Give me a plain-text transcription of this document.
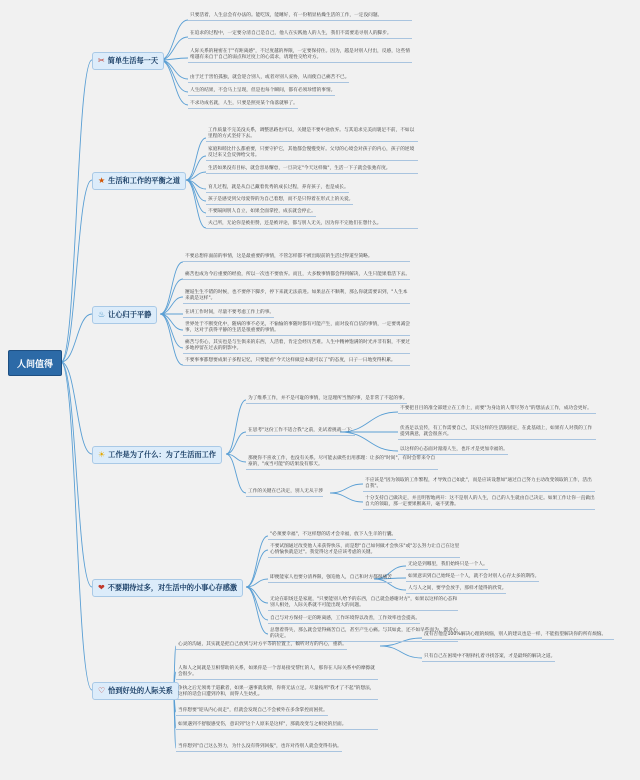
人间值得
✂ 简单生活每一天
只要活着，人生总会有办法的。能吃饭，能睡好，有一份稍显枯燥生活的工作，一定没问题。
在追求的过程中，一定要分清自己是自己，他人在实践他人的人生，我们不需要追寻别人的脚步。
人际关系的秘密在于"有距离感"，不过度越的界限，一定要保持住。因为，越是对别人付出，反感，这些情绪越有来自于自己的弱点和过度上的心需求，请理性交给对方。
由于过于害怕孤独，就会迎合别人，或者对别人妥协，从而使自己痛苦不已。
人生的结果，不会马上呈现，但是也每个瞬间，都有必须珍惜的事情。
不求功成名就，人生，只要是照亮某个角落就够了。
★ 生活和工作的平衡之道
工作质量不完美没关系，调整思路也可以，关键是不要中途放弃。与其追求完美而裹足不前，不如以里程的方式坚持下去。
家庭和睦比什么都重要，只要守护它，其他都会慢慢变好。父母的心境会对孩子的内心，孩子的逆境反过来又会反弹给父母。
生活如果没有目标，就会容易懈怠，一旦决定"今天这样做"，生活一下子就会张弛有度。
育儿过程，就是从自己藏着优秀的成长过程，养育孩子，也是成长。
孩子是感受到父母爱得的为自己着想，而不是只得着在形式上的关爱。
不要隔阂别人自立，如果全面掌控，成长就会停止。
夫己所，无论你是被拒赞，还是被评论，都与别人无关，因为你不完他们在想什么。
♨ 让心归于平静
不要总想你面前的事情，这是最重要的事情，不管怎样都不被出眼前的生活过得道至简略。
痛苦也成为今后重要的经验，所以一次也不要放弃。而且，大多数事情都会得到解决，人生只能果着活下去。
邂逅生生不错的时候，也不要停下脚步，停下来就无法前进。如果总在不顺利，那么你就需要识到，"人生本来就是这样"。
在讲工作时间，尽量不要考虑工作上的事。
世界处于不断变化中，随病的事不必见，不愉愉的事随时都有可能产生，面对没有自信的事情，一定要勇减尝事，这对于获得平静的生活是很重要的事情。
痛苦与伤心，其实也是与生俱来的东西，人活着，肯定会经历苦难。人生中精神饱满的时光并非有限，不要过多地停留在过去的阴影中。
不要事事都想要成果子多程记忆，只要能看"今天这样做是本就可以了"的态度，日子一日地变得积累。
☀ 工作是为了什么：为了生活而工作
为了维系工作，并不是可耻的事情，这是理所当然的事，是非常了不起的事。
在思考"这份工作不适合我"之前，先试着挑战一下：
那便你不喜欢工作，也没有关系。尽可能去做些出用那理：让多的"时间"，有时会带来令自豪的，"成当可能"的话果没有那天。
工作的关键在已决定，别人无从干涉
不要把目目的准全部建立在工作上，而要"为身边的人带尽努力"的想法去工作，成功会更好。
伏查足以宜传，有工作需要自己，其实这样的生活跟固定，在此基础上，如果有人对我的工作提到满意，就会很喜兴。
以这样的心态面对漫漫人生，也许才是更加幸福的。
不应该是"因为领取的工作繁程，才导致自己如此"，而是应该设想如"通过自己努力主动改变领取的工作，活出自我"。
十分支持自己做决定，并且明智地两开：这不是别人的人生，自己的人生就由自己决定。如果工作让你一直做出自大的领取，那一定要果断离开，毫不犹豫。
❤ 不要期待过多，对生活中的小事心存感激
"必须要幸福"，不这样想的话才会幸福，放下人生羊的行囊。
不要试图通过改变他人来获得快乐，而是想"自己如何做才会快乐"或"怎么努力让自己在这里心情愉快就是过"。我觉得这才是应该考虑的关键。
即便能家人也要分清界限，强迫他人，自己和对方都很痛苦
无论在职场还是家庭，"只要能别人给予的东西，自己就会感谢对方"，如果以这样的心态和别人相处，人际关系就不可能出现大的问题。
自己与对方保持一定的距离感，工作环境得以改善，工作效率也会提高。
总想着得失，那么就会觉得痛苦自己，甚至产生心痛。与其如此，还不如早些而为，割舍心的决定。
无论是到哪里，我们始终只是一个人。
如果意识到自己始终是一个人，就不会对别人心存太多的期待。
人与人之间，要学会放手，那样才能得的欣赏。
♡ 恰到好处的人际关系
心灵的沟通，其实就是把自己放到与对方平等的位置上，倾听对方的内心，重新。
人和人之间就是互相帮助的关系，如果你是一个容易接受帮忙的人，那你在人际关系中的摩擦就会很少。
争执之后无须勇于道歉者，如果一遇事就发脾，你将无法立足。尽量按所"我才了不起"的想法，这样的话会日遭到冷和，而得人生妨扎。
当你想要"迎从内心而走"，但就会发现自己不会被外在多余掌控而困扰。
如果遇到不舒服感受伤，意识到"这个人原来是这样"，那就改变与之相处的层面。
当你想到"自己这么努力，为什么没有得到回报"，也许对待别人就会变得有执。
没有否他是100%解决心理的烦恼，别人的建议也是一样，不能指望解决你的所有烦恼。
只有自己在困境中不断择扎着寻找答案，才是最终的解决之道。
